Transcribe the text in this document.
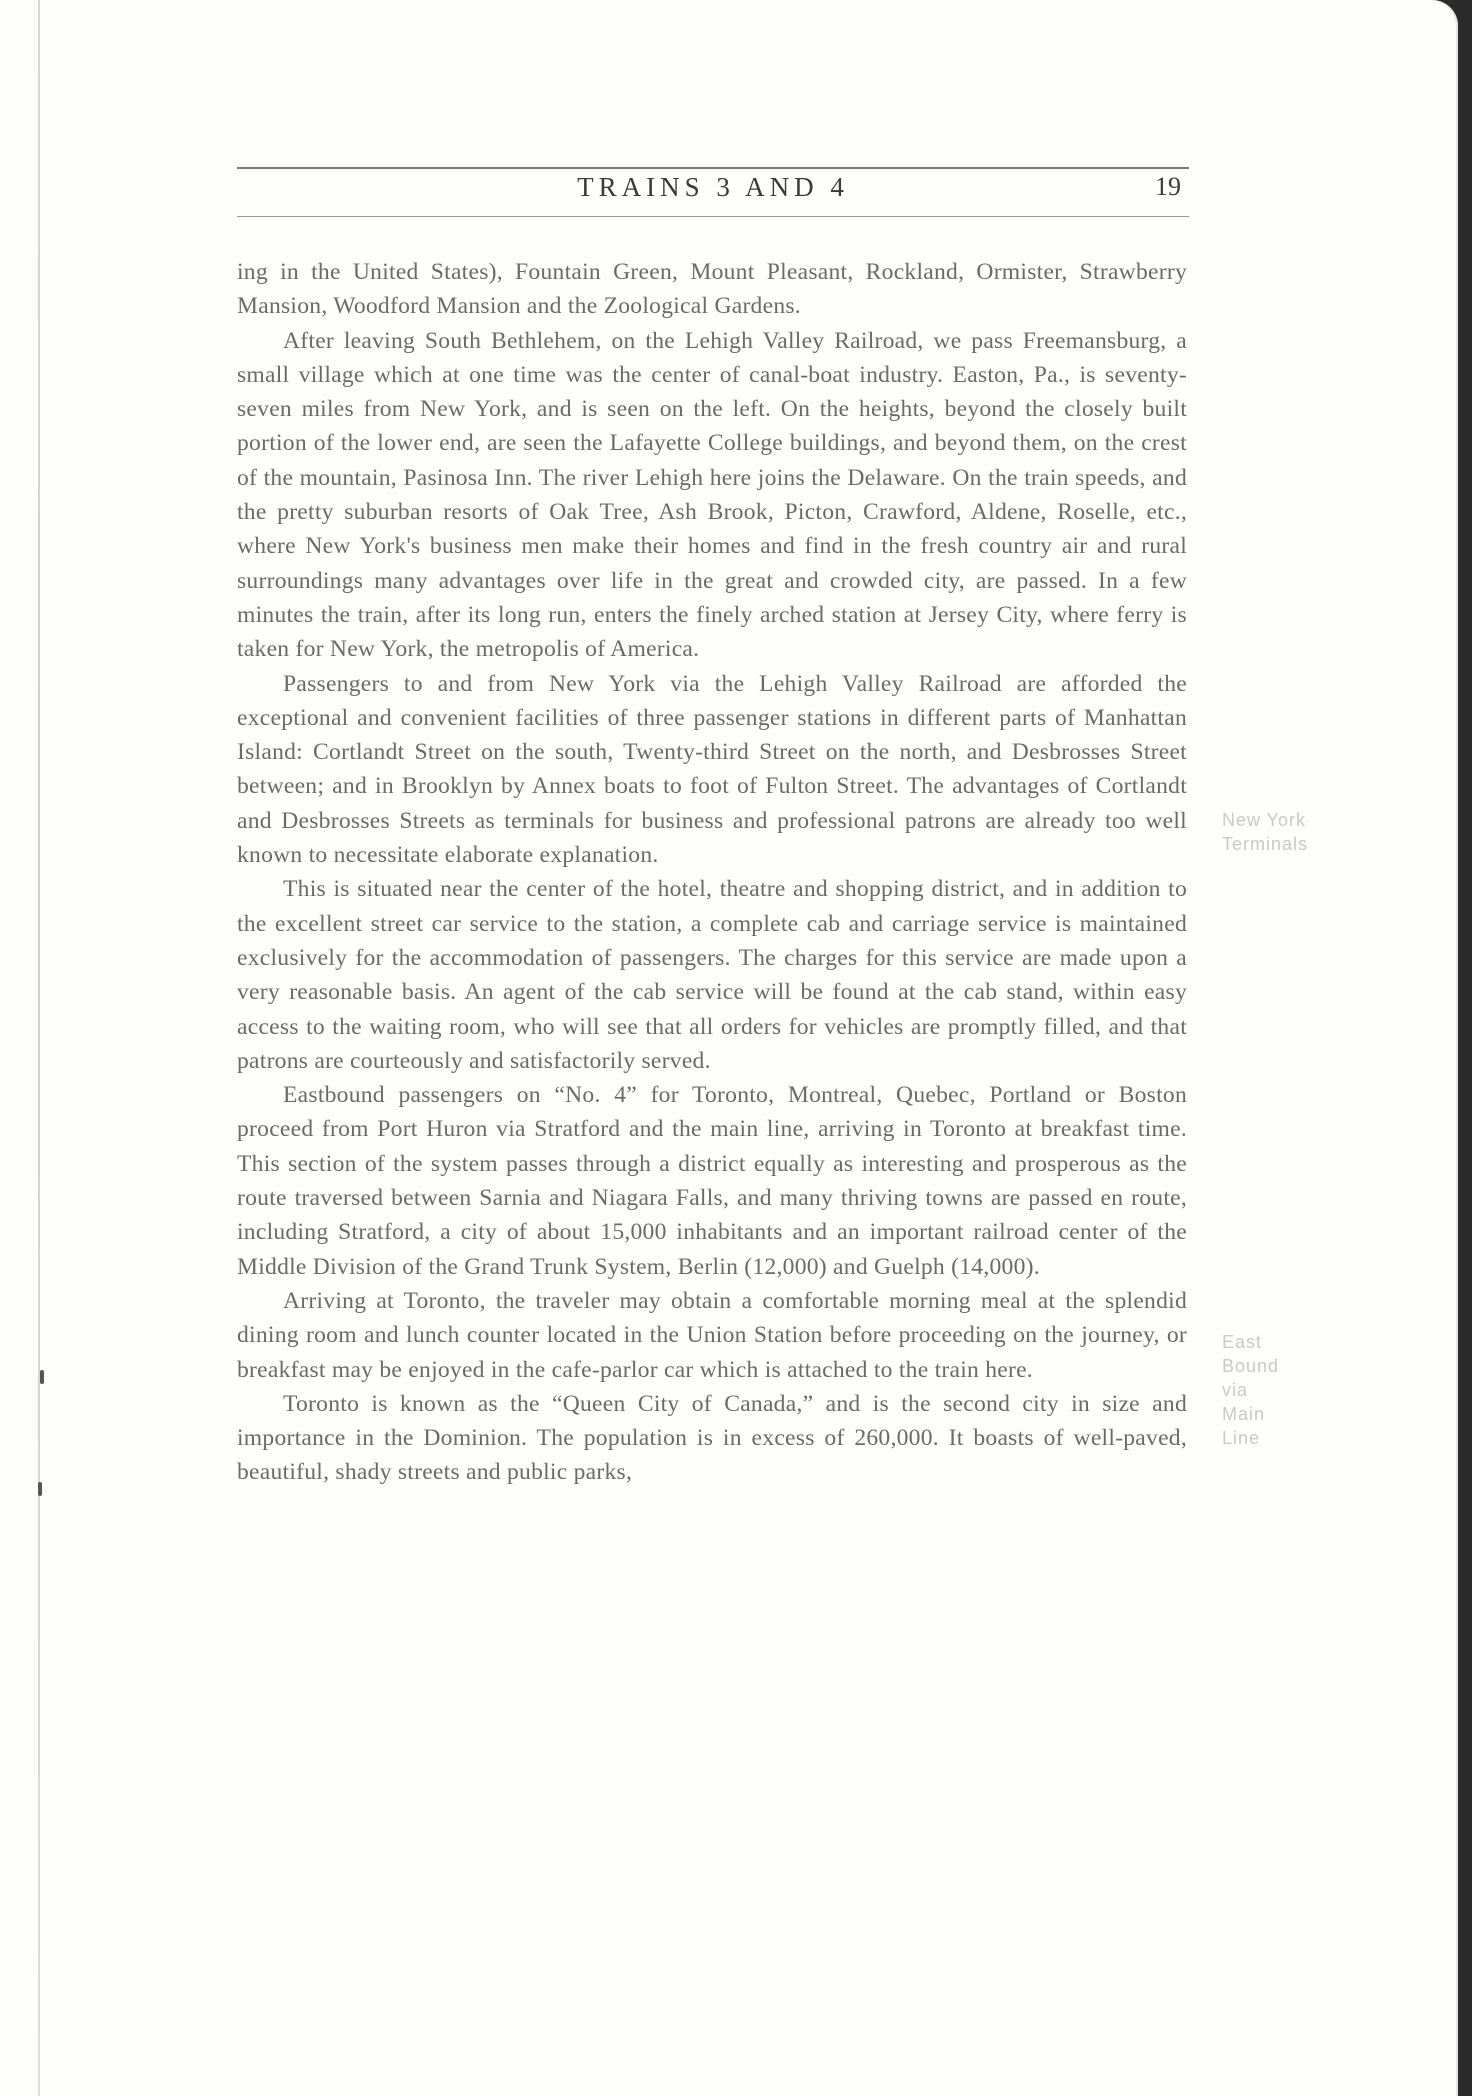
TRAINS 3 AND 4	19

ing in the United States), Fountain Green, Mount Pleasant, Rockland, Ormister, Strawberry Mansion, Woodford Mansion and the Zoological Gardens.

After leaving South Bethlehem, on the Lehigh Valley Railroad, we pass Freemansburg, a small village which at one time was the center of canal-boat industry. Easton, Pa., is seventy-seven miles from New York, and is seen on the left. On the heights, beyond the closely built portion of the lower end, are seen the Lafayette College buildings, and beyond them, on the crest of the mountain, Pasinosa Inn. The river Lehigh here joins the Delaware. On the train speeds, and the pretty suburban resorts of Oak Tree, Ash Brook, Picton, Crawford, Aldene, Roselle, etc., where New York's business men make their homes and find in the fresh country air and rural surroundings many advantages over life in the great and crowded city, are passed. In a few minutes the train, after its long run, enters the finely arched station at Jersey City, where ferry is taken for New York, the metropolis of America.

Passengers to and from New York via the Lehigh Valley Railroad are afforded the exceptional and convenient facilities of three passenger stations in different parts of Manhattan Island: Cortlandt Street on the south, Twenty-third Street on the north, and Desbrosses Street between; and in Brooklyn by Annex boats to foot of Fulton Street. The advantages of Cortlandt and Desbrosses Streets as terminals for business and professional patrons are already too well known to necessitate elaborate explanation.

This is situated near the center of the hotel, theatre and shopping district, and in addition to the excellent street car service to the station, a complete cab and carriage service is maintained exclusively for the accommodation of passengers. The charges for this service are made upon a very reasonable basis. An agent of the cab service will be found at the cab stand, within easy access to the waiting room, who will see that all orders for vehicles are promptly filled, and that patrons are courteously and satisfactorily served.

Eastbound passengers on “No. 4” for Toronto, Montreal, Quebec, Portland or Boston proceed from Port Huron via Stratford and the main line, arriving in Toronto at breakfast time. This section of the system passes through a district equally as interesting and prosperous as the route traversed between Sarnia and Niagara Falls, and many thriving towns are passed en route, including Stratford, a city of about 15,000 inhabitants and an important railroad center of the Middle Division of the Grand Trunk System, Berlin (12,000) and Guelph (14,000).

Arriving at Toronto, the traveler may obtain a comfortable morning meal at the splendid dining room and lunch counter located in the Union Station before proceeding on the journey, or breakfast may be enjoyed in the cafe-parlor car which is attached to the train here.

Toronto is known as the “Queen City of Canada,” and is the second city in size and importance in the Dominion. The population is in excess of 260,000. It boasts of well-paved, beautiful, shady streets and public parks,

New York
Terminals
East
Bound
via
Main
Line
